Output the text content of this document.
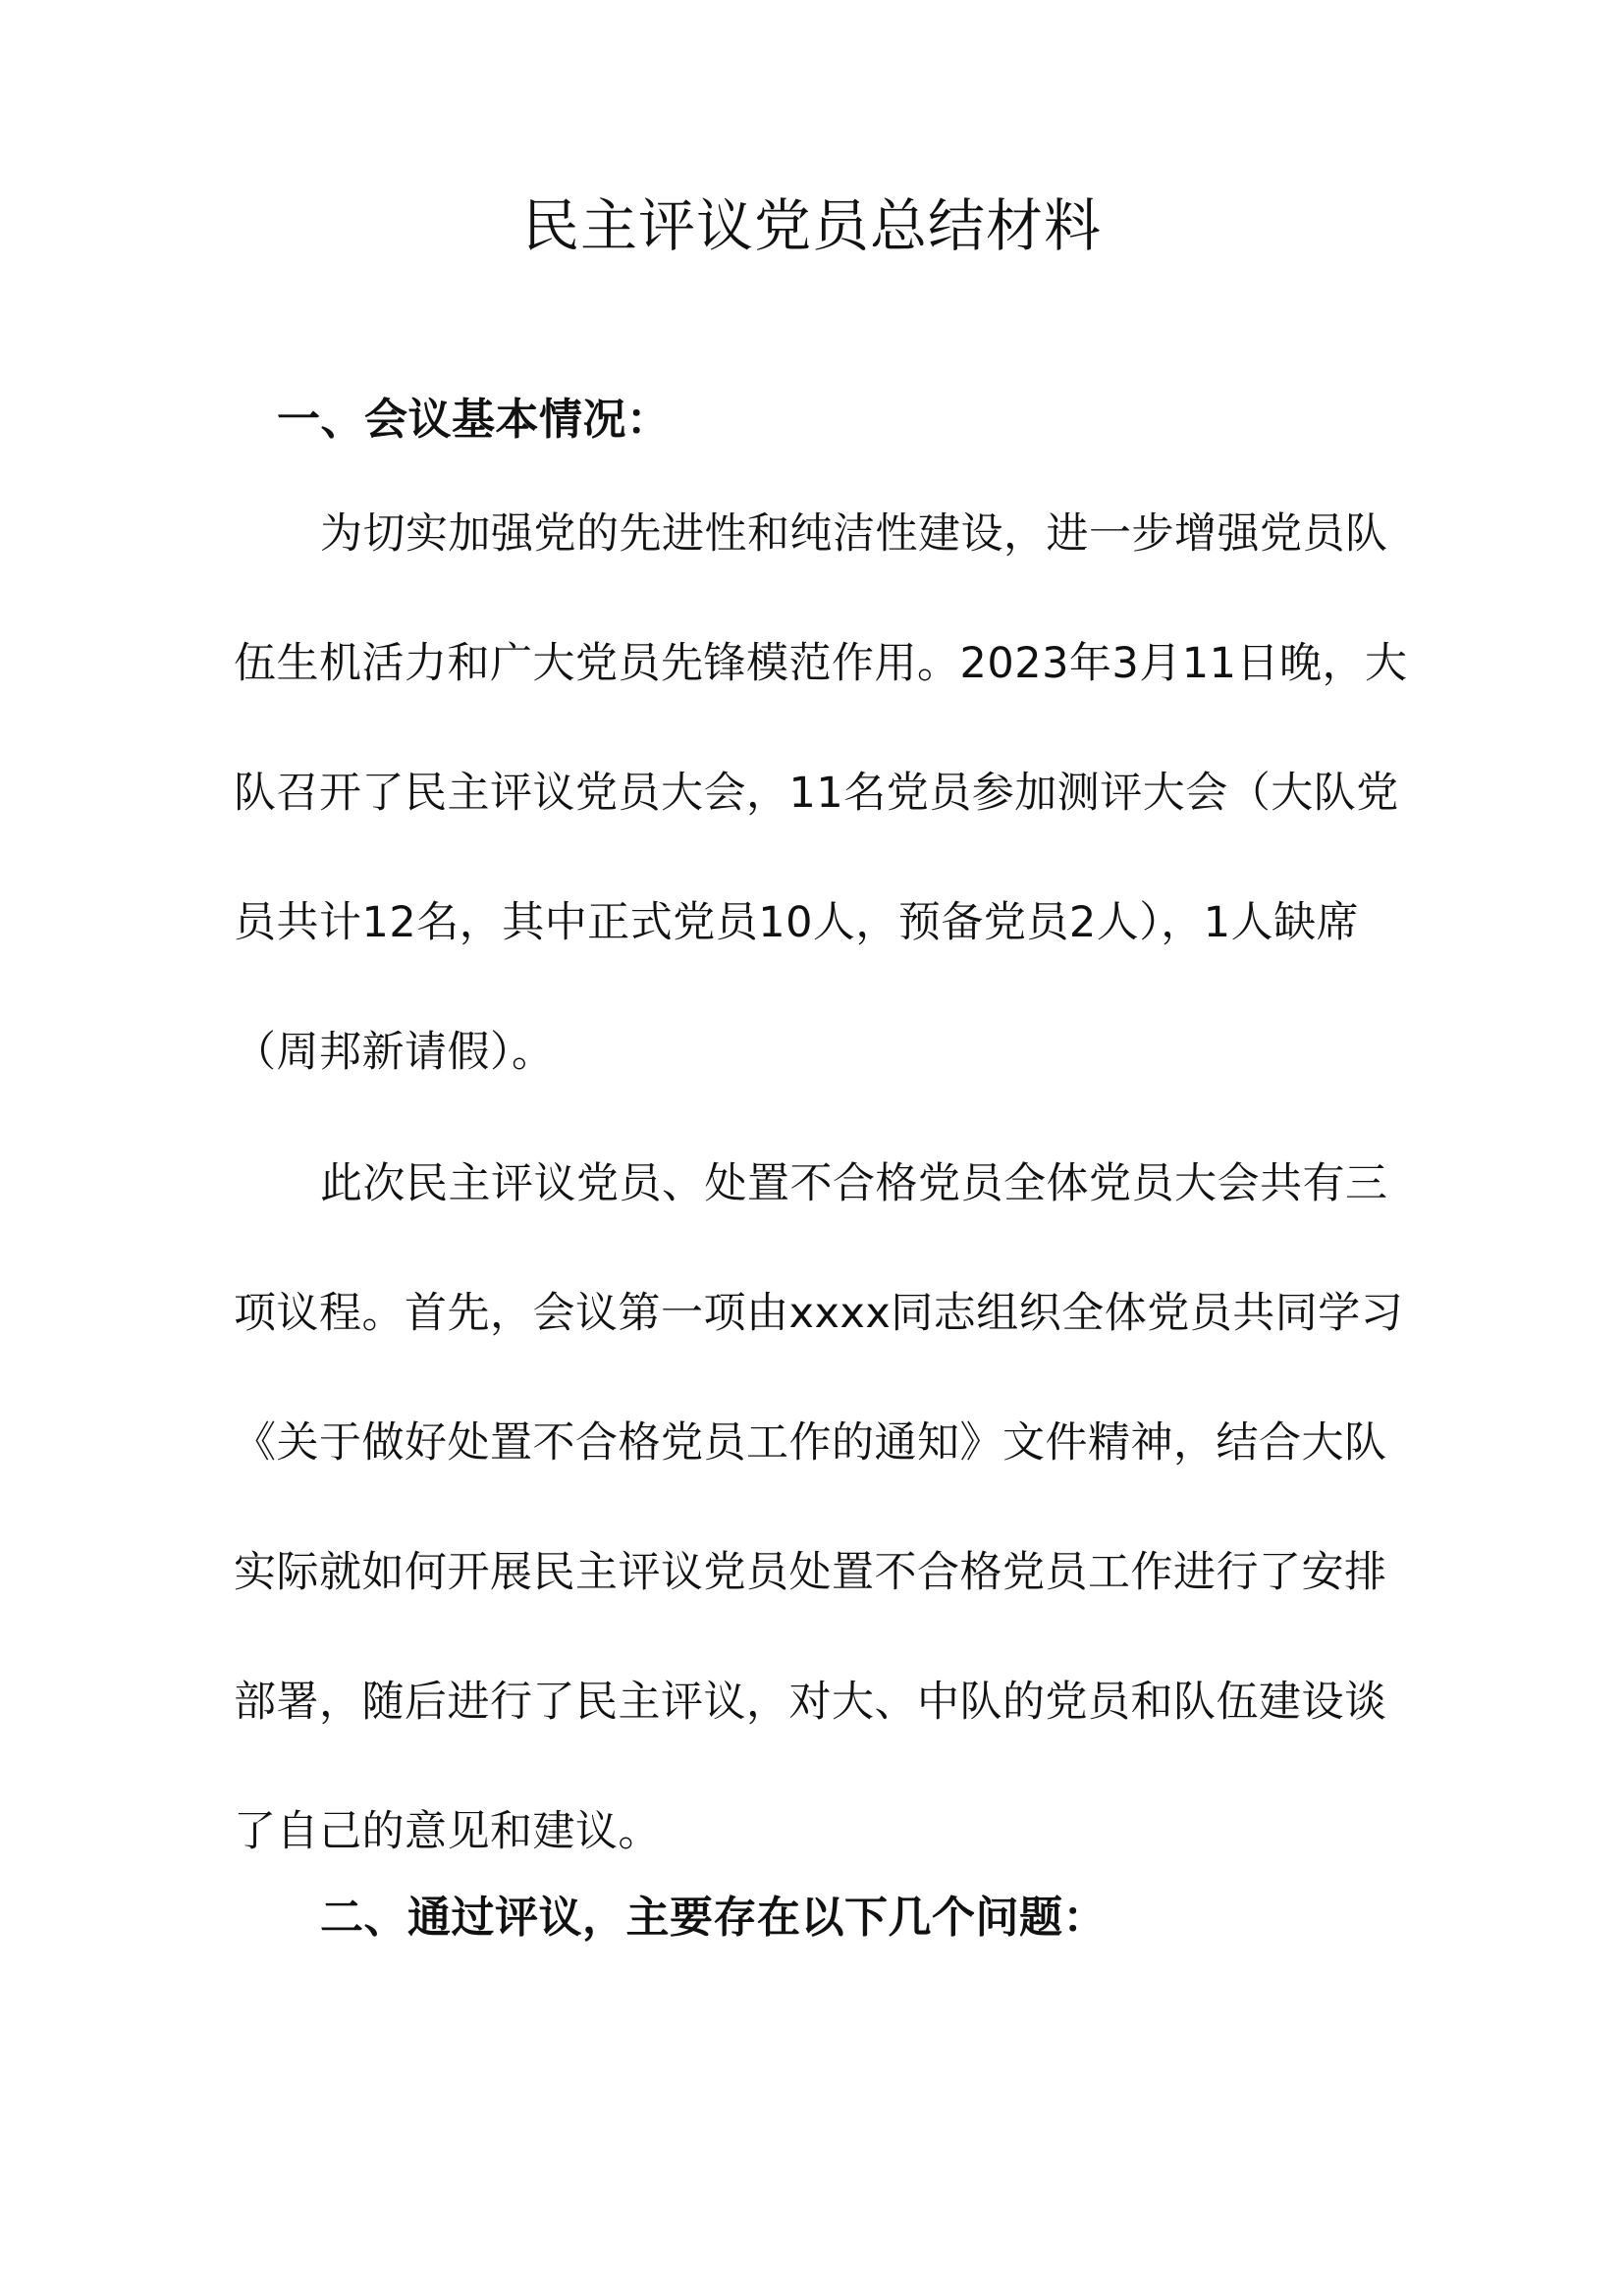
民主评议党员总结材料
一、会议基本情况：
为切实加强党的先进性和纯洁性建设，进一步增强党员队伍生机活力和广大党员先锋模范作用。2023年3月11日晚，大队召开了民主评议党员大会，11名党员参加测评大会（大队党员共计12名，其中正式党员10人，预备党员2人），1人缺席（周邦新请假）。
此次民主评议党员、处置不合格党员全体党员大会共有三项议程。首先，会议第一项由xxxx同志组织全体党员共同学习《关于做好处置不合格党员工作的通知》文件精神，结合大队实际就如何开展民主评议党员处置不合格党员工作进行了安排部署，随后进行了民主评议，对大、中队的党员和队伍建设谈了自己的意见和建议。
二、通过评议，主要存在以下几个问题：
